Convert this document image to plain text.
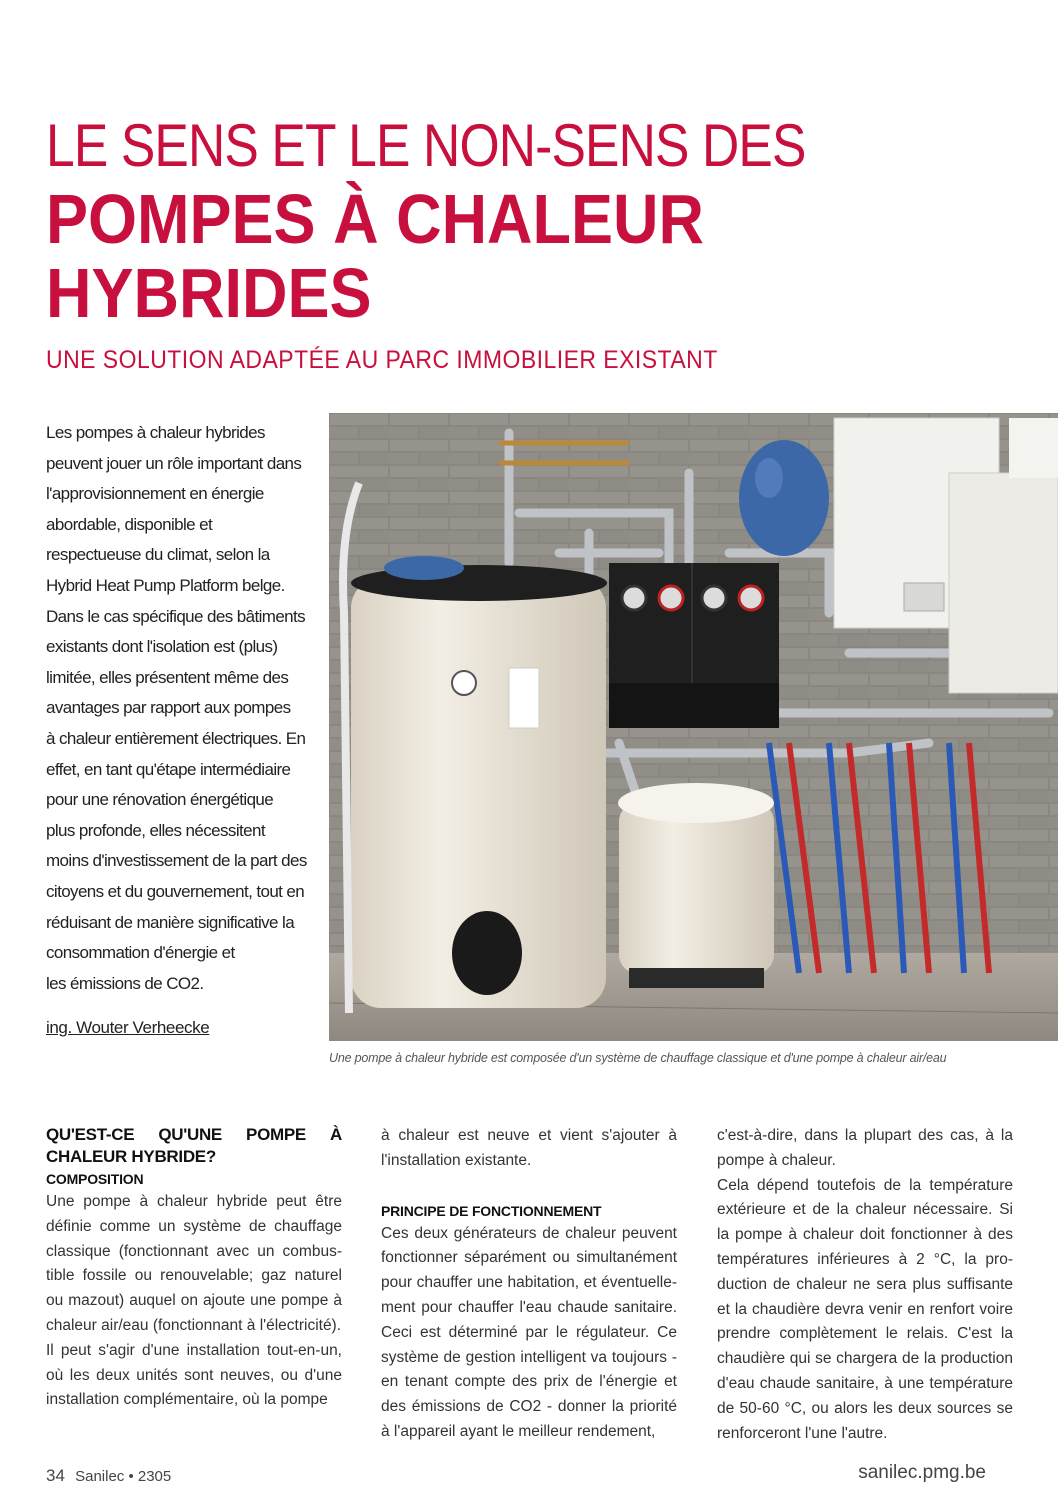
LE SENS ET LE NON-SENS DES
POMPES À CHALEUR
HYBRIDES
UNE SOLUTION ADAPTÉE AU PARC IMMOBILIER EXISTANT
Les pompes à chaleur hybrides
peuvent jouer un rôle important dans
l'approvisionnement en énergie
abordable, disponible et
respectueuse du climat, selon la
Hybrid Heat Pump Platform belge.
Dans le cas spécifique des bâtiments
existants dont l'isolation est (plus)
limitée, elles présentent même des
avantages par rapport aux pompes
à chaleur entièrement électriques. En
effet, en tant qu'étape intermédiaire
pour une rénovation énergétique
plus profonde, elles nécessitent
moins d'investissement de la part des
citoyens et du gouvernement, tout en
réduisant de manière significative la
consommation d'énergie et
les émissions de CO2.
ing. Wouter Verheecke
Une pompe à chaleur hybride est composée d'un système de chauffage classique et d'une pompe à chaleur air/eau

QU'EST-CE QU'UNE POMPE À CHALEUR HYBRIDE?

COMPOSITION

Une pompe à chaleur hybride peut être définie comme un système de chauffage classique (fonctionnant avec un combustible fossile ou renouvelable; gaz naturel ou mazout) auquel on ajoute une pompe à chaleur air/eau (fonctionnant à l'électricité).

Il peut s'agir d'une installation tout-en-un, où les deux unités sont neuves, ou d'une installation complémentaire, où la pompe

à chaleur est neuve et vient s'ajouter à l'installation existante.

PRINCIPE DE FONCTIONNEMENT

Ces deux générateurs de chaleur peuvent fonctionner séparément ou simultanément pour chauffer une habitation, et éventuellement pour chauffer l'eau chaude sanitaire. Ceci est déterminé par le régulateur. Ce système de gestion intelligent va toujours - en tenant compte des prix de l'énergie et des émissions de CO2 - donner la priorité à l'appareil ayant le meilleur rendement,

c'est-à-dire, dans la plupart des cas, à la pompe à chaleur.

Cela dépend toutefois de la température extérieure et de la chaleur nécessaire. Si la pompe à chaleur doit fonctionner à des températures inférieures à 2 °C, la production de chaleur ne sera plus suffisante et la chaudière devra venir en renfort voire prendre complètement le relais. C'est la chaudière qui se chargera de la production d'eau chaude sanitaire, à une température de 50-60 °C, ou alors les deux sources se renforceront l'une l'autre.

34 Sanilec • 2305	sanilec.pmg.be
